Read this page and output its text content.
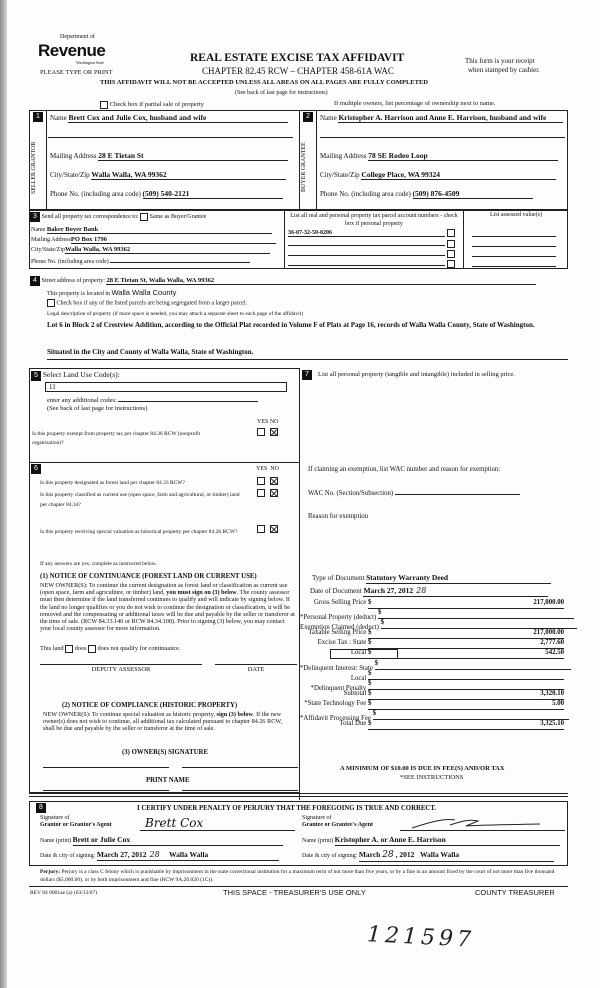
Department of
Revenue
Washington State	REAL ESTATE EXCISE TAX AFFIDAVIT
CHAPTER 82.45 RCW – CHAPTER 458-61A WAC
PLEASE TYPE OR PRINT
This form is your receipt
when stamped by cashier.
THIS AFFIDAVIT WILL NOT BE ACCEPTED UNLESS ALL AREAS ON ALL PAGES ARE FULLY COMPLETED
(See back of last page for instructions)
Check box if partial sale of property	If multiple owners, list percentage of ownership next to name.
1	2
SELLER GRANTOR	BUYER GRANTEE
Name Brett Cox and Julie Cox, husband and wife
Mailing Address 28 E Tietan St
City/State/Zip Walla Walla, WA 99362
Phone No. (including area code) (509) 540-2121
Name Kristopher A. Harrison and Anne E. Harrison, husband and wife
Mailing Address 78 SE Rodeo Loop
City/State/Zip College Place, WA 99324
Phone No. (including area code) (509) 876-4509
3 Send all property tax correspondence to: Same as Buyer/Grantee
Name Baker Boyer Bank
Mailing AddressPO Box 1796
City/State/ZipWalla Walla, WA 99362
Phone No. (including area code)
List all real and personal property tax parcel account numbers - check box if personal property
List assessed value(s)
36-07-32-50-0206

4 Street address of property: 28 E Tietan St, Walla Walla, WA 99362
This property is located in Walla Walla County
Check box if any of the listed parcels are being segregated from a larger parcel.
Legal description of property (if more space is needed, you may attach a separate sheet to each page of the affidavit)
Lot 6 in Block 2 of Crestview Addition, according to the Official Plat recorded in Volume F of Plats at Page 16, records of Walla Walla County, State of Washington.
Situated in the City and County of Walla Walla, State of Washington.
5 Select Land Use Code(s):
11
enter any additional codes:
(See back of last page for instructions)
YES NO
Is this property exempt from property tax per chapter 84.36 RCW (nonprofit organization)?

6	YES NO
Is this property designated as forest land per chapter 84.33 RCW?

Is this property classified as current use (open space, farm and agricultural, or timber) land per chapter 84.34?

Is this property receiving special valuation as historical property per chapter 84.26 RCW?

If any answers are yes, complete as instructed below.
(1) NOTICE OF CONTINUANCE (FOREST LAND OR CURRENT USE)
NEW OWNER(S): To continue the current designation as forest land or classification as current use (open space, farm and agriculture, or timber) land, you must sign on (3) below. The county assessor must then determine if the land transferred continues to qualify and will indicate by signing below. If the land no longer qualifies or you do not wish to continue the designation or classification, it will be removed and the compensating or additional taxes will be due and payable by the seller or transferor at the time of sale. (RCW 84.33.140 or RCW 84.34.108). Prior to signing (3) below, you may contact your local county assessor for more information.
This land does does not qualify for continuance.
DEPUTY ASSESSOR	DATE
(2) NOTICE OF COMPLIANCE (HISTORIC PROPERTY)
NEW OWNER(S): To continue special valuation as historic property, sign (3) below. If the new owner(s) does not wish to continue, all additional tax calculated pursuant to chapter 84.26 RCW, shall be due and payable by the seller or transferor at the time of sale.
(3) OWNER(S) SIGNATURE
PRINT NAME
7	List all personal property (tangible and intangible) included in selling price.
If claiming an exemption, list WAC number and reason for exemption:
WAC No. (Section/Subsection)
Reason for exemption
Type of Document Statutory Warranty Deed
Date of Document March 27, 2012 28
Gross Selling Price $	217,000.00
*Personal Property (deduct)
$
Exemption Claimed (deduct)
$
Taxable Selling Price $	217,000.00
Excise Tax : State $	2,777.60
Local $	542.50
*Delinquent Interest: State
$
Local
$
*Delinquent Penalty
$
Subtotal $	3,320.10
*State Technology Fee $	5.00
*Affidavit Processing Fee
$
Total Due $	3,325.10
A MINIMUM OF $10.00 IS DUE IN FEE(S) AND/OR TAX
*SEE INSTRUCTIONS
8	I CERTIFY UNDER PENALTY OF PERJURY THAT THE FOREGOING IS TRUE AND CORRECT.
Signature of
Grantor or Grantor's Agent	Brett Cox	Signature of
Grantee or Grantee's Agent
Name (print) Brett or Julie Cox	Name (print) Kristopher A. or Anne E. Harrison
Date & city of signing: March 27, 2012 28 Walla Walla	Date & city of signing: March 28 , 2012 Walla Walla
Perjury: Perjury is a class C felony which is punishable by imprisonment in the state correctional institution for a maximum term of not more than five years, or by a fine in an amount fixed by the court of not more than five thousand dollars ($5,000.00), or by both imprisonment and fine (RCW 9A.20.020 (1C)).
REV 84 0001ae (a) (03/13/07)	THIS SPACE - TREASURER'S USE ONLY	COUNTY TREASURER
121597
